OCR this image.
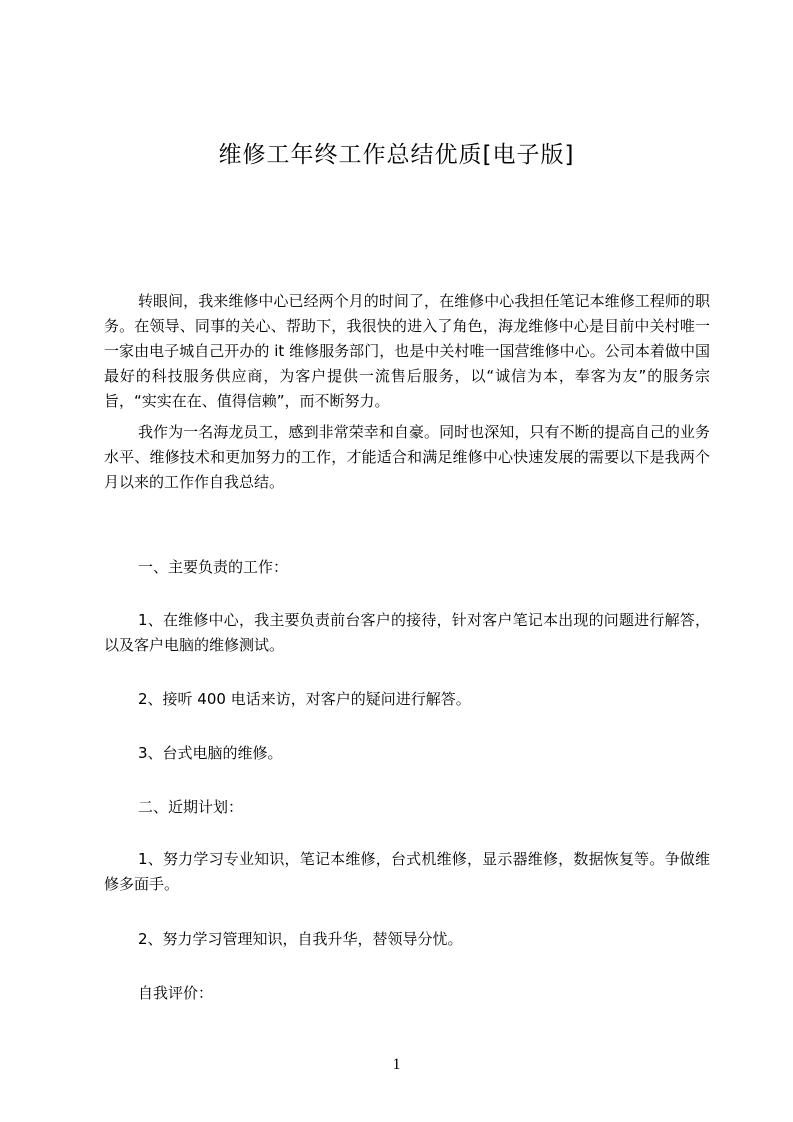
维修工年终工作总结优质[电子版]

转眼间，我来维修中心已经两个月的时间了，在维修中心我担任笔记本维修工程师的职务。在领导、同事的关心、帮助下，我很快的进入了角色，海龙维修中心是目前中关村唯一一家由电子城自己开办的 it 维修服务部门，也是中关村唯一国营维修中心。公司本着做中国最好的科技服务供应商，为客户提供一流售后服务，以“诚信为本，奉客为友”的服务宗旨，“实实在在、值得信赖”，而不断努力。

我作为一名海龙员工，感到非常荣幸和自豪。同时也深知，只有不断的提高自己的业务水平、维修技术和更加努力的工作，才能适合和满足维修中心快速发展的需要以下是我两个月以来的工作作自我总结。

一、主要负责的工作：

1、在维修中心，我主要负责前台客户的接待，针对客户笔记本出现的问题进行解答，以及客户电脑的维修测试。

2、接听 400 电话来访，对客户的疑问进行解答。

3、台式电脑的维修。

二、近期计划：

1、努力学习专业知识，笔记本维修，台式机维修，显示器维修，数据恢复等。争做维修多面手。

2、努力学习管理知识，自我升华，替领导分忧。

自我评价：

1
